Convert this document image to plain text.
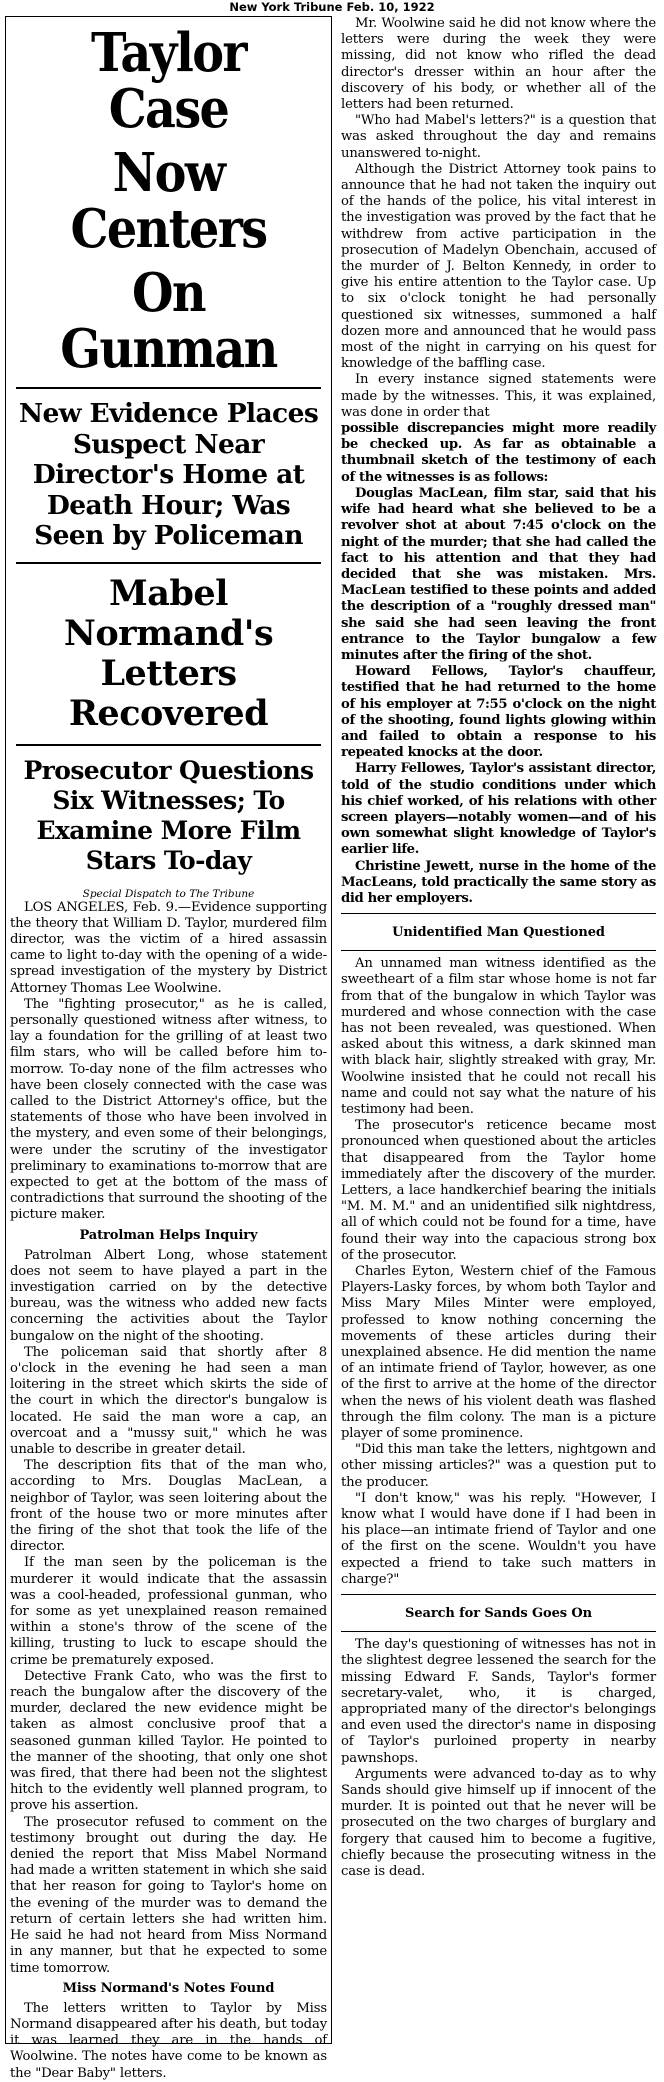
New York Tribune Feb. 10, 1922
Taylor Case
Now Centers
On Gunman
New Evidence Places Suspect Near Director's Home at Death Hour; Was Seen by Policeman
Mabel Normand's Letters Recovered
Prosecutor Questions Six Witnesses; To Examine More Film Stars To-day
Special Dispatch to The Tribune

LOS ANGELES, Feb. 9.—Evidence supporting the theory that William D. Taylor, murdered film director, was the victim of a hired assassin came to light to-day with the opening of a wide-spread investigation of the mystery by District Attorney Thomas Lee Woolwine.

The "fighting prosecutor," as he is called, personally questioned witness after witness, to lay a foundation for the grilling of at least two film stars, who will be called before him to-morrow. To-day none of the film actresses who have been closely connected with the case was called to the District Attorney's office, but the statements of those who have been involved in the mystery, and even some of their belongings, were under the scrutiny of the investigator preliminary to examinations to-morrow that are expected to get at the bottom of the mass of contradictions that surround the shooting of the picture maker.

Patrolman Helps Inquiry

Patrolman Albert Long, whose statement does not seem to have played a part in the investigation carried on by the detective bureau, was the witness who added new facts concerning the activities about the Taylor bungalow on the night of the shooting.

The policeman said that shortly after 8 o'clock in the evening he had seen a man loitering in the street which skirts the side of the court in which the director's bungalow is located. He said the man wore a cap, an overcoat and a "mussy suit," which he was unable to describe in greater detail.

The description fits that of the man who, according to Mrs. Douglas MacLean, a neighbor of Taylor, was seen loitering about the front of the house two or more minutes after the firing of the shot that took the life of the director.

If the man seen by the policeman is the murderer it would indicate that the assassin was a cool-headed, professional gunman, who for some as yet unexplained reason remained within a stone's throw of the scene of the killing, trusting to luck to escape should the crime be prematurely exposed.

Detective Frank Cato, who was the first to reach the bungalow after the discovery of the murder, declared the new evidence might be taken as almost conclusive proof that a seasoned gunman killed Taylor. He pointed to the manner of the shooting, that only one shot was fired, that there had been not the slightest hitch to the evidently well planned program, to prove his assertion.

The prosecutor refused to comment on the testimony brought out during the day. He denied the report that Miss Mabel Normand had made a written statement in which she said that her reason for going to Taylor's home on the evening of the murder was to demand the return of certain letters she had written him. He said he had not heard from Miss Normand in any manner, but that he expected to some time tomorrow.

Miss Normand's Notes Found

The letters written to Taylor by Miss Normand disappeared after his death, but today it was learned they are in the hands of Woolwine. The notes have come to be known as the "Dear Baby" letters.

Mr. Woolwine said he did not know where the letters were during the week they were missing, did not know who rifled the dead director's dresser within an hour after the discovery of his body, or whether all of the letters had been returned.

"Who had Mabel's letters?" is a question that was asked throughout the day and remains unanswered to-night.

Although the District Attorney took pains to announce that he had not taken the inquiry out of the hands of the police, his vital interest in the investigation was proved by the fact that he withdrew from active participation in the prosecution of Madelyn Obenchain, accused of the murder of J. Belton Kennedy, in order to give his entire attention to the Taylor case. Up to six o'clock tonight he had personally questioned six witnesses, summoned a half dozen more and announced that he would pass most of the night in carrying on his quest for knowledge of the baffling case.

In every instance signed statements were made by the witnesses. This, it was explained, was done in order that

possible discrepancies might more readily be checked up. As far as obtainable a thumbnail sketch of the testimony of each of the witnesses is as follows:

Douglas MacLean, film star, said that his wife had heard what she believed to be a revolver shot at about 7:45 o'clock on the night of the murder; that she had called the fact to his attention and that they had decided that she was mistaken. Mrs. MacLean testified to these points and added the description of a "roughly dressed man" she said she had seen leaving the front entrance to the Taylor bungalow a few minutes after the firing of the shot.

Howard Fellows, Taylor's chauffeur, testified that he had returned to the home of his employer at 7:55 o'clock on the night of the shooting, found lights glowing within and failed to obtain a response to his repeated knocks at the door.

Harry Fellowes, Taylor's assistant director, told of the studio conditions under which his chief worked, of his relations with other screen players—notably women—and of his own somewhat slight knowledge of Taylor's earlier life.

Christine Jewett, nurse in the home of the MacLeans, told practically the same story as did her employers.

Unidentified Man Questioned

An unnamed man witness identified as the sweetheart of a film star whose home is not far from that of the bungalow in which Taylor was murdered and whose connection with the case has not been revealed, was questioned. When asked about this witness, a dark skinned man with black hair, slightly streaked with gray, Mr. Woolwine insisted that he could not recall his name and could not say what the nature of his testimony had been.

The prosecutor's reticence became most pronounced when questioned about the articles that disappeared from the Taylor home immediately after the discovery of the murder. Letters, a lace handkerchief bearing the initials "M. M. M." and an unidentified silk nightdress, all of which could not be found for a time, have found their way into the capacious strong box of the prosecutor.

Charles Eyton, Western chief of the Famous Players-Lasky forces, by whom both Taylor and Miss Mary Miles Minter were employed, professed to know nothing concerning the movements of these articles during their unexplained absence. He did mention the name of an intimate friend of Taylor, however, as one of the first to arrive at the home of the director when the news of his violent death was flashed through the film colony. The man is a picture player of some prominence.

"Did this man take the letters, nightgown and other missing articles?" was a question put to the producer.

"I don't know," was his reply. "However, I know what I would have done if I had been in his place—an intimate friend of Taylor and one of the first on the scene. Wouldn't you have expected a friend to take such matters in charge?"

Search for Sands Goes On

The day's questioning of witnesses has not in the slightest degree lessened the search for the missing Edward F. Sands, Taylor's former secretary-valet, who, it is charged, appropriated many of the director's belongings and even used the director's name in disposing of Taylor's purloined property in nearby pawnshops.

Arguments were advanced to-day as to why Sands should give himself up if innocent of the murder. It is pointed out that he never will be prosecuted on the two charges of burglary and forgery that caused him to become a fugitive, chiefly because the prosecuting witness in the case is dead.
